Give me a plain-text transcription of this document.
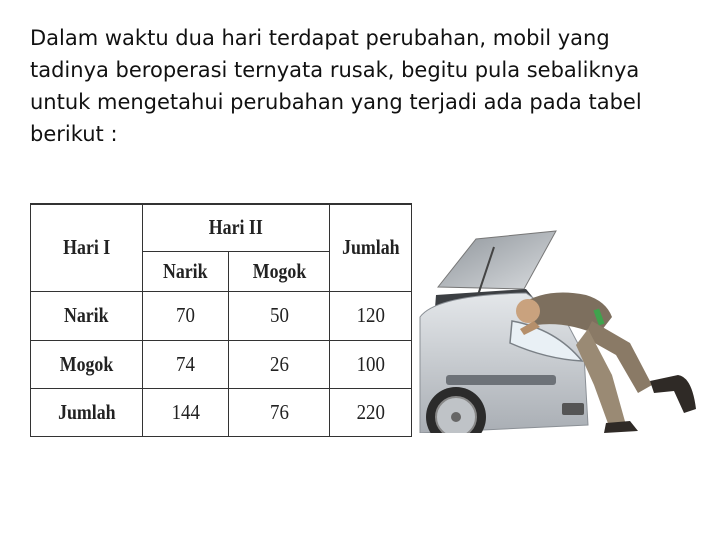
Dalam waktu dua hari terdapat perubahan, mobil yang tadinya beroperasi ternyata rusak, begitu pula sebaliknya untuk mengetahui perubahan yang terjadi ada pada tabel berikut :

Hari I	Hari II		Jumlah
	Narik	Mogok	
Narik	70	50	120
Mogok	74	26	100
Jumlah	144	76	220
